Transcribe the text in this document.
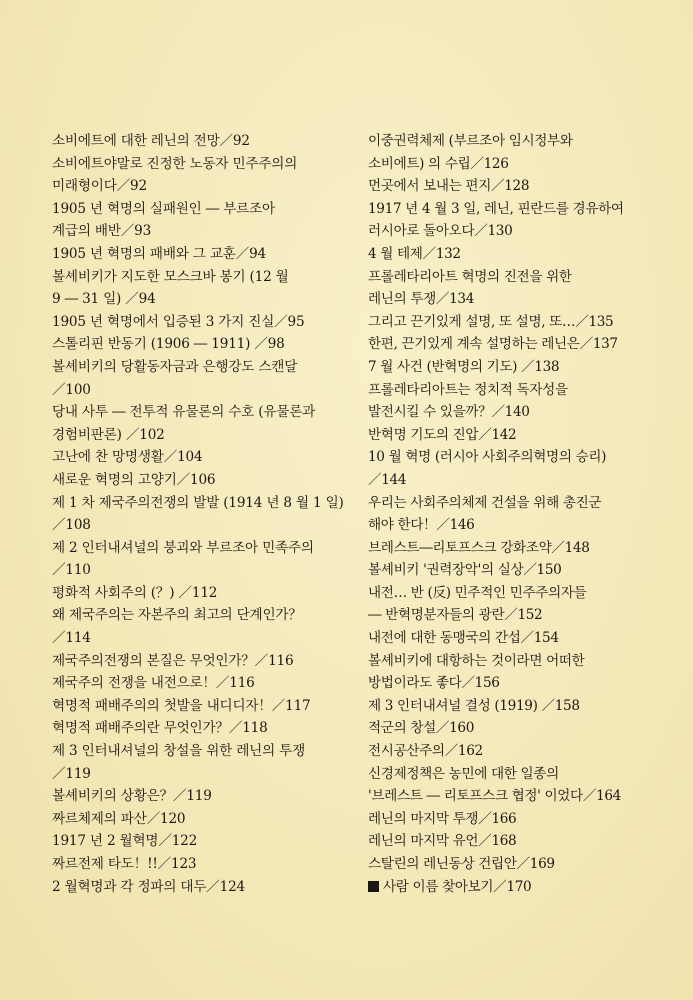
소비에트에 대한 레닌의 전망／92
소비에트야말로 진정한 노동자 민주주의의
미래형이다／92
1905 년 혁명의 실패원인 ― 부르조아
계급의 배반／93
1905 년 혁명의 패배와 그 교훈／94
볼셰비키가 지도한 모스크바 봉기 (12 월
9 ― 31 일) ／94
1905 년 혁명에서 입증된 3 가지 진실／95
스톨리핀 반동기 (1906 ― 1911) ／98
볼셰비키의 당활동자금과 은행강도 스캔달
／100
당내 사투 ― 전투적 유물론의 수호 (유물론과
경험비판론) ／102
고난에 찬 망명생활／104
새로운 혁명의 고양기／106
제 1 차 제국주의전쟁의 발발 (1914 년 8 월 1 일)
／108
제 2 인터내셔널의 붕괴와 부르조아 민족주의
／110
평화적 사회주의 (？) ／112
왜 제국주의는 자본주의 최고의 단계인가？
／114
제국주의전쟁의 본질은 무엇인가？／116
제국주의 전쟁을 내전으로！／116
혁명적 패배주의의 첫발을 내디디자！／117
혁명적 패배주의란 무엇인가？／118
제 3 인터내셔널의 창설을 위한 레닌의 투쟁
／119
볼셰비키의 상황은？／119
짜르체제의 파산／120
1917 년 2 월혁명／122
짜르전제 타도！!!／123
2 월혁명과 각 정파의 대두／124
이중권력체제 (부르조아 임시정부와
소비에트) 의 수립／126
먼곳에서 보내는 편지／128
1917 년 4 월 3 일, 레닌, 핀란드를 경유하여
러시아로 돌아오다／130
4 월 테제／132
프롤레타리아트 혁명의 진전을 위한
레닌의 투쟁／134
그리고 끈기있게 설명, 또 설명, 또…／135
한편, 끈기있게 계속 설명하는 레닌은／137
7 월 사건 (반혁명의 기도) ／138
프롤레타리아트는 정치적 독자성을
발전시킬 수 있을까？／140
반혁명 기도의 진압／142
10 월 혁명 (러시아 사회주의혁명의 승리)
／144
우리는 사회주의체제 건설을 위해 총진군
해야 한다！／146
브레스트―리토프스크 강화조약／148
볼셰비키 '권력장악'의 실상／150
내전… 반 (反) 민주적인 민주주의자들
― 반혁명분자들의 광란／152
내전에 대한 동맹국의 간섭／154
볼셰비키에 대항하는 것이라면 어떠한
방법이라도 좋다／156
제 3 인터내셔널 결성 (1919) ／158
적군의 창설／160
전시공산주의／162
신경제정책은 농민에 대한 일종의
'브레스트 ― 리토프스크 협정' 이었다／164
레닌의 마지막 투쟁／166
레닌의 마지막 유언／168
스탈린의 레닌동상 건립안／169
사람 이름 찾아보기／170
